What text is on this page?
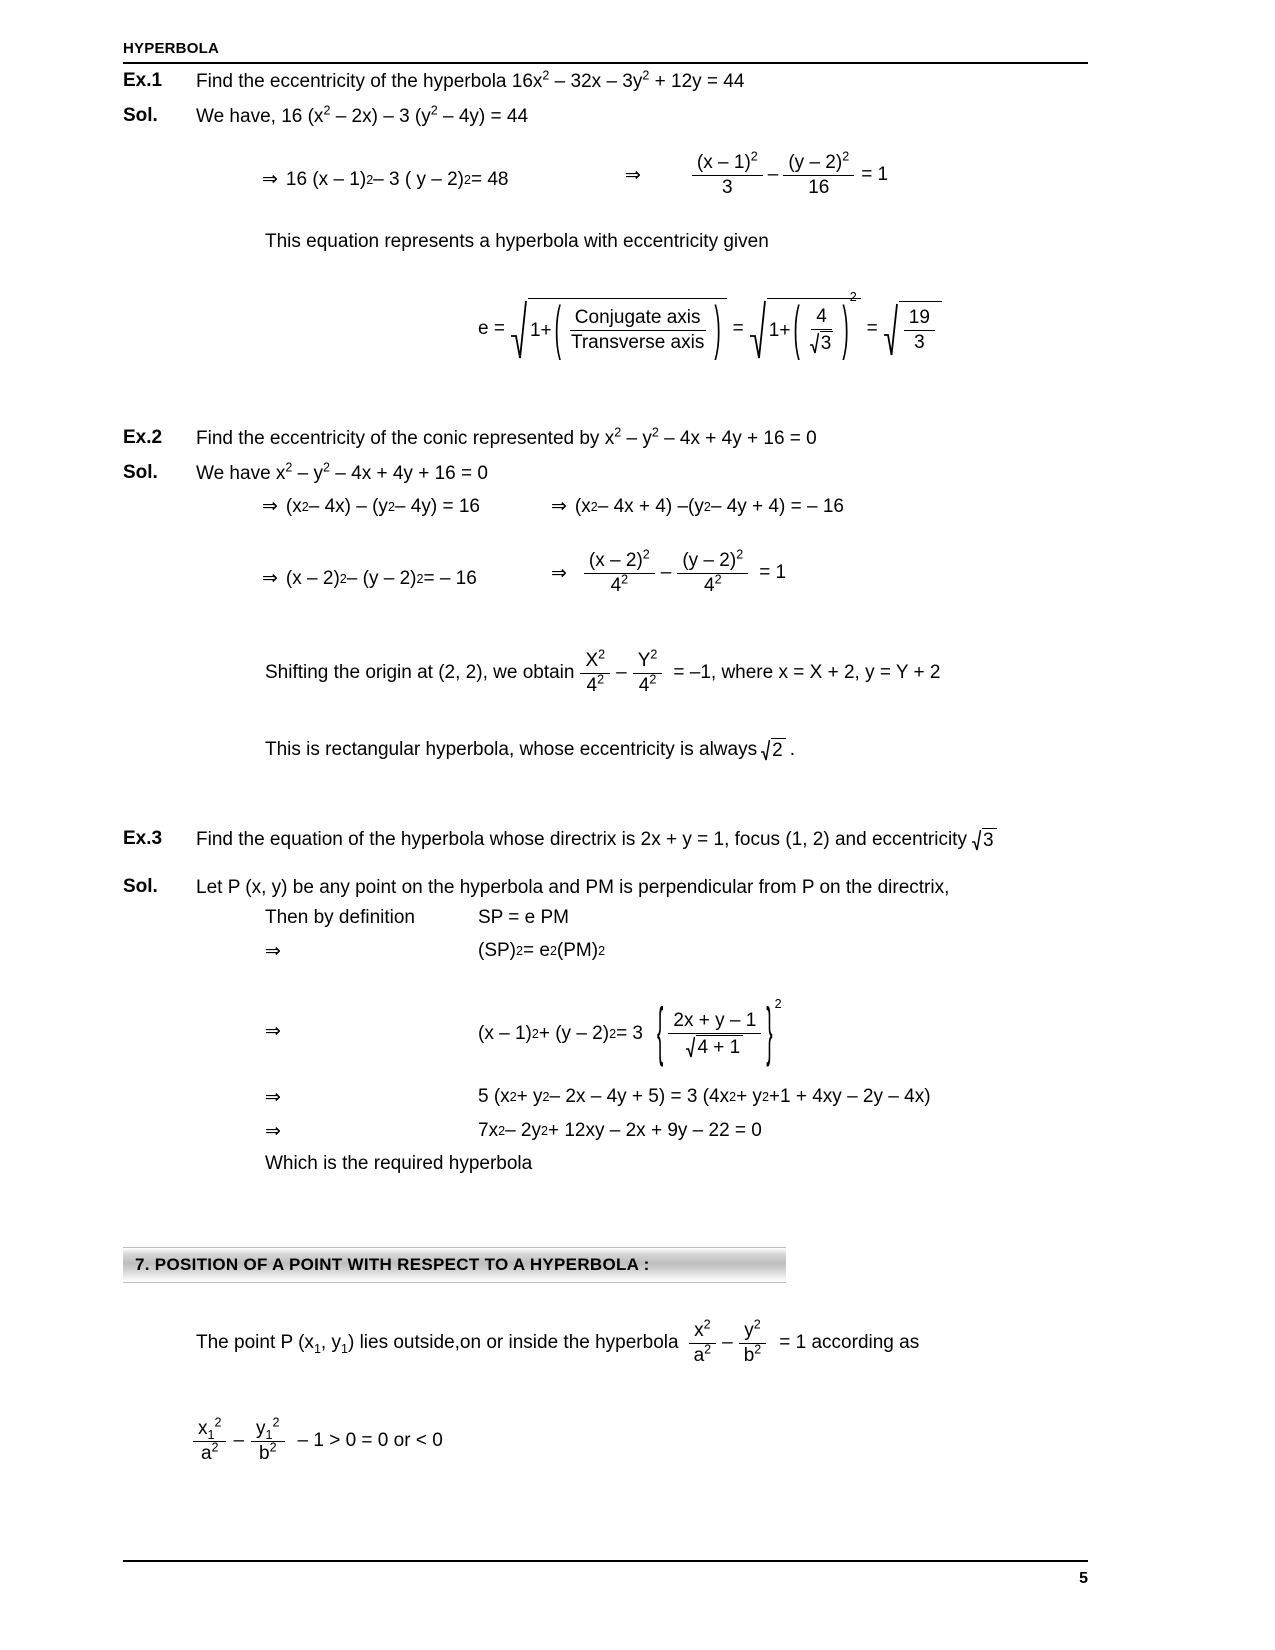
HYPERBOLA
Ex.1 Find the eccentricity of the hyperbola $16x^2 - 32x - 3y^2 + 12y = 44$
Sol. We have, 16 $(x^2 - 2x) - 3$ $(y^2 - 4y) = 44$
⇒ 16 (x – 1) 2 – 3 ( y – 2) 2 = 48	⇒	$\frac{(x - 1)^2}{3} - \frac{(y - 2)^2}{16} = 1$
This equation represents a hyperbola with eccentricity given
e = 1+ ( $\frac{\text{Conjugate axis}}{\text{Transverse axis}}$ ) = 1+ ( $\frac{4}{3}$ )
2
= $\frac{19}{3}$
Ex.2 Find the eccentricity of the conic represented by $x^2 - y^2 - 4x + 4y + 16 = 0$
Sol. We have $x^2 - y^2 - 4x + 4y + 16 = 0$
⇒ (x 2 – 4x) – (y 2 – 4y) = 16	⇒ (x 2 – 4x + 4) –(y 2 – 4y + 4) = – 16
⇒ (x – 2) 2 – (y – 2) 2 = – 16	⇒ $\frac{(x - 2)^2}{4^2} - \frac{(y - 2)^2}{4^2} = 1$
Shifting the origin at (2, 2), we obtain $\frac{X^2}{4^2} - \frac{Y^2}{4^2} = -1$, where x = X + 2, y = Y + 2
This is rectangular hyperbola, whose eccentricity is always 2 .
Ex.3 Find the equation of the hyperbola whose directrix is 2x + y = 1, focus (1, 2) and eccentricity 3
Sol. Let P (x, y) be any point on the hyperbola and PM is perpendicular from P on the directrix,
Then by definition	SP = e PM
⇒	(SP) 2 = e 2 (PM) 2
⇒	(x – 1) 2 + (y – 2) 2 = 3 { $\frac{2x + y - 1}{4 + 1}$ } 2
⇒	5 (x 2 + y 2 – 2x – 4y + 5) = 3 (4x 2 + y 2 +1 + 4xy – 2y – 4x)
⇒	7x 2 – 2y 2 + 12xy – 2x + 9y – 22 = 0
Which is the required hyperbola
7. POSITION OF A POINT WITH RESPECT TO A HYPERBOLA :
The point P ($x_1$, $y_1$) lies outside,on or inside the hyperbola $\frac{x^2}{a^2} - \frac{y^2}{b^2} = 1$ according as
$\frac{x_1^2}{a^2} - \frac{y_1^2}{b^2} - 1 > 0 = 0$ or < 0
5
